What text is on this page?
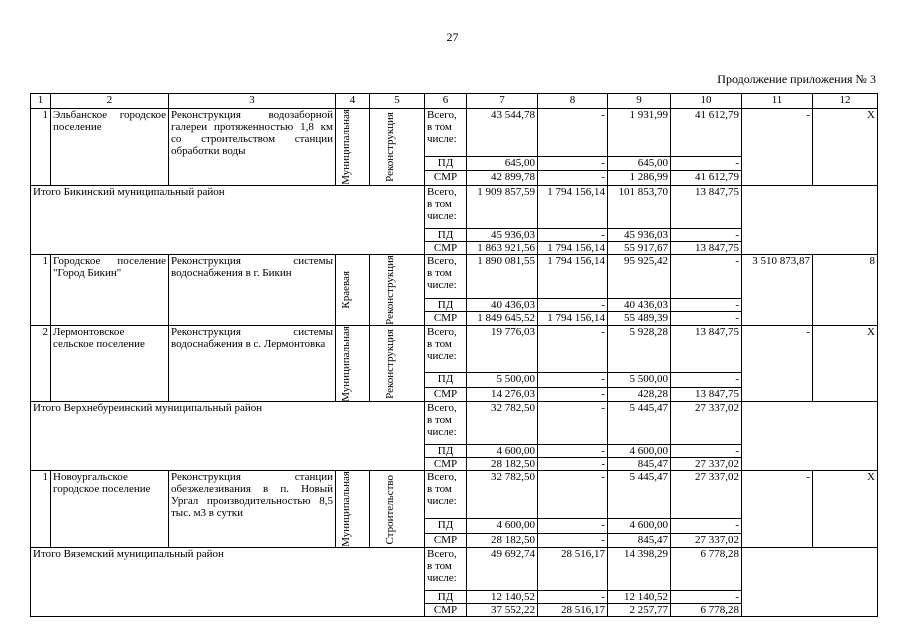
27
Продолжение приложения № 3
1	2	3	4	5	6	7	8	9	10	11	12
1	Эльбанское городское поселение	Реконструкция водозаборной галереи протяженностью 1,8 км со строительством станции обработки воды	Муниципальная	Реконструкция	Всего, в том числе:	43 544,78	-	1 931,99	41 612,79	-	Х
					ПД	645,00	-	645,00	-		
					СМР	42 899,78	-	1 286,99	41 612,79		
Итого Бикинский муниципальный район					Всего, в том числе:	1 909 857,59	1 794 156,14	101 853,70	13 847,75		
					ПД	45 936,03	-	45 936,03	-		
					СМР	1 863 921,56	1 794 156,14	55 917,67	13 847,75		
1	Городское поселение "Город Бикин"	Реконструкция системы водоснабжения в г. Бикин	Краевая	Реконструкция	Всего, в том числе:	1 890 081,55	1 794 156,14	95 925,42	-	3 510 873,87	8
					ПД	40 436,03	-	40 436,03	-		
					СМР	1 849 645,52	1 794 156,14	55 489,39	-		
2	Лермонтовское сельское поселение	Реконструкция системы водоснабжения в с. Лермонтовка	Муниципальная	Реконструкция	Всего, в том числе:	19 776,03	-	5 928,28	13 847,75	-	Х
					ПД	5 500,00	-	5 500,00	-		
					СМР	14 276,03	-	428,28	13 847,75		
Итого Верхнебуреинский муниципальный район					Всего, в том числе:	32 782,50	-	5 445,47	27 337,02		
					ПД	4 600,00	-	4 600,00	-		
					СМР	28 182,50	-	845,47	27 337,02		
1	Новоургальское городское поселение	Реконструкция станции обезжелезивания в п. Новый Ургал производительностью 8,5 тыс. м3 в сутки	Муниципальная	Строительство	Всего, в том числе:	32 782,50	-	5 445,47	27 337,02	-	Х
					ПД	4 600,00	-	4 600,00	-		
					СМР	28 182,50	-	845,47	27 337,02		
Итого Вяземский муниципальный район					Всего, в том числе:	49 692,74	28 516,17	14 398,29	6 778,28		
					ПД	12 140,52	-	12 140,52	-		
					СМР	37 552,22	28 516,17	2 257,77	6 778,28		
